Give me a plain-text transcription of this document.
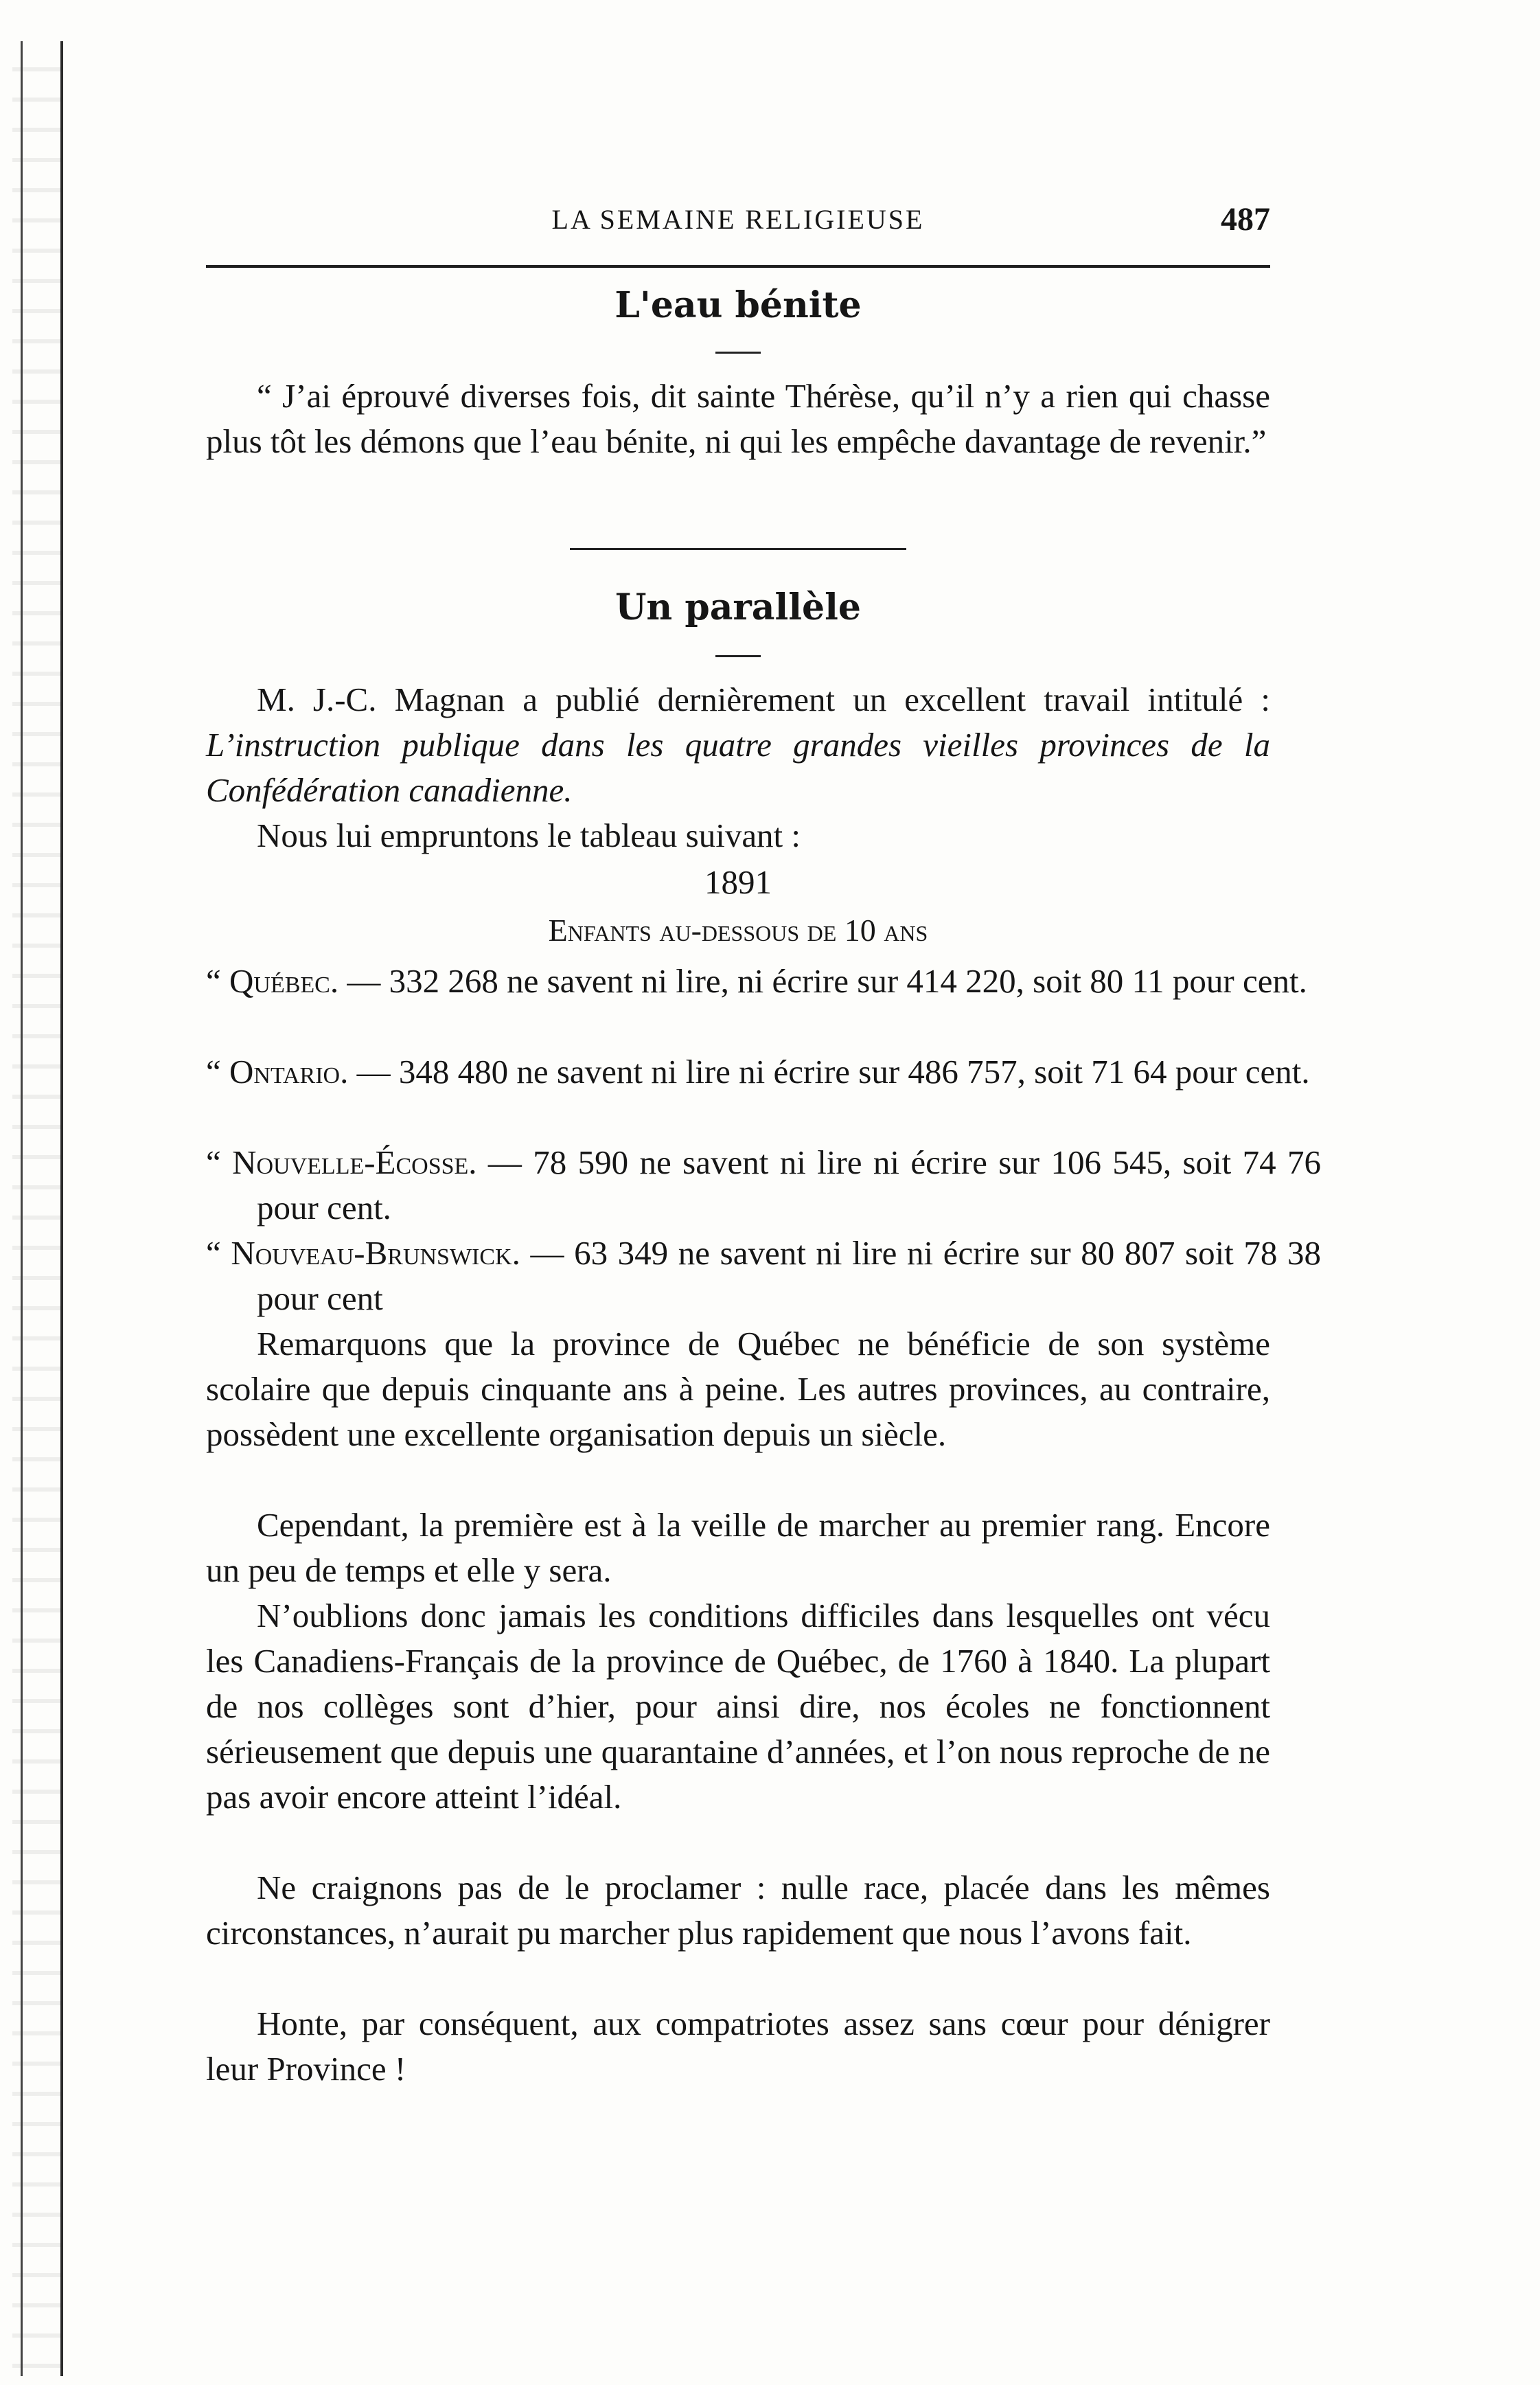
LA SEMAINE RELIGIEUSE	487
L'eau bénite
“ J’ai éprouvé diverses fois, dit sainte Thérèse, qu’il n’y a rien qui chasse plus tôt les démons que l’eau bénite, ni qui les empêche davantage de revenir.”
Un parallèle
M. J.-C. Magnan a publié dernièrement un excellent travail intitulé : L’instruction publique dans les quatre grandes vieilles provinces de la Confédération canadienne.
Nous lui empruntons le tableau suivant :
1891
Enfants au-dessous de 10 ans
“ Québec. — 332 268 ne savent ni lire, ni écrire sur 414 220, soit 80 11 pour cent.
“ Ontario. — 348 480 ne savent ni lire ni écrire sur 486 757, soit 71 64 pour cent.
“ Nouvelle-Écosse. — 78 590 ne savent ni lire ni écrire sur 106 545, soit 74 76 pour cent.
“ Nouveau-Brunswick. — 63 349 ne savent ni lire ni écrire sur 80 807 soit 78 38 pour cent
Remarquons que la province de Québec ne bénéficie de son système scolaire que depuis cinquante ans à peine. Les autres provinces, au contraire, possèdent une excellente organisation depuis un siècle.
Cependant, la première est à la veille de marcher au premier rang. Encore un peu de temps et elle y sera.
N’oublions donc jamais les conditions difficiles dans lesquelles ont vécu les Canadiens-Français de la province de Québec, de 1760 à 1840. La plupart de nos collèges sont d’hier, pour ainsi dire, nos écoles ne fonctionnent sérieusement que depuis une quarantaine d’années, et l’on nous reproche de ne pas avoir encore atteint l’idéal.
Ne craignons pas de le proclamer : nulle race, placée dans les mêmes circonstances, n’aurait pu marcher plus rapidement que nous l’avons fait.
Honte, par conséquent, aux compatriotes assez sans cœur pour dénigrer leur Province !
